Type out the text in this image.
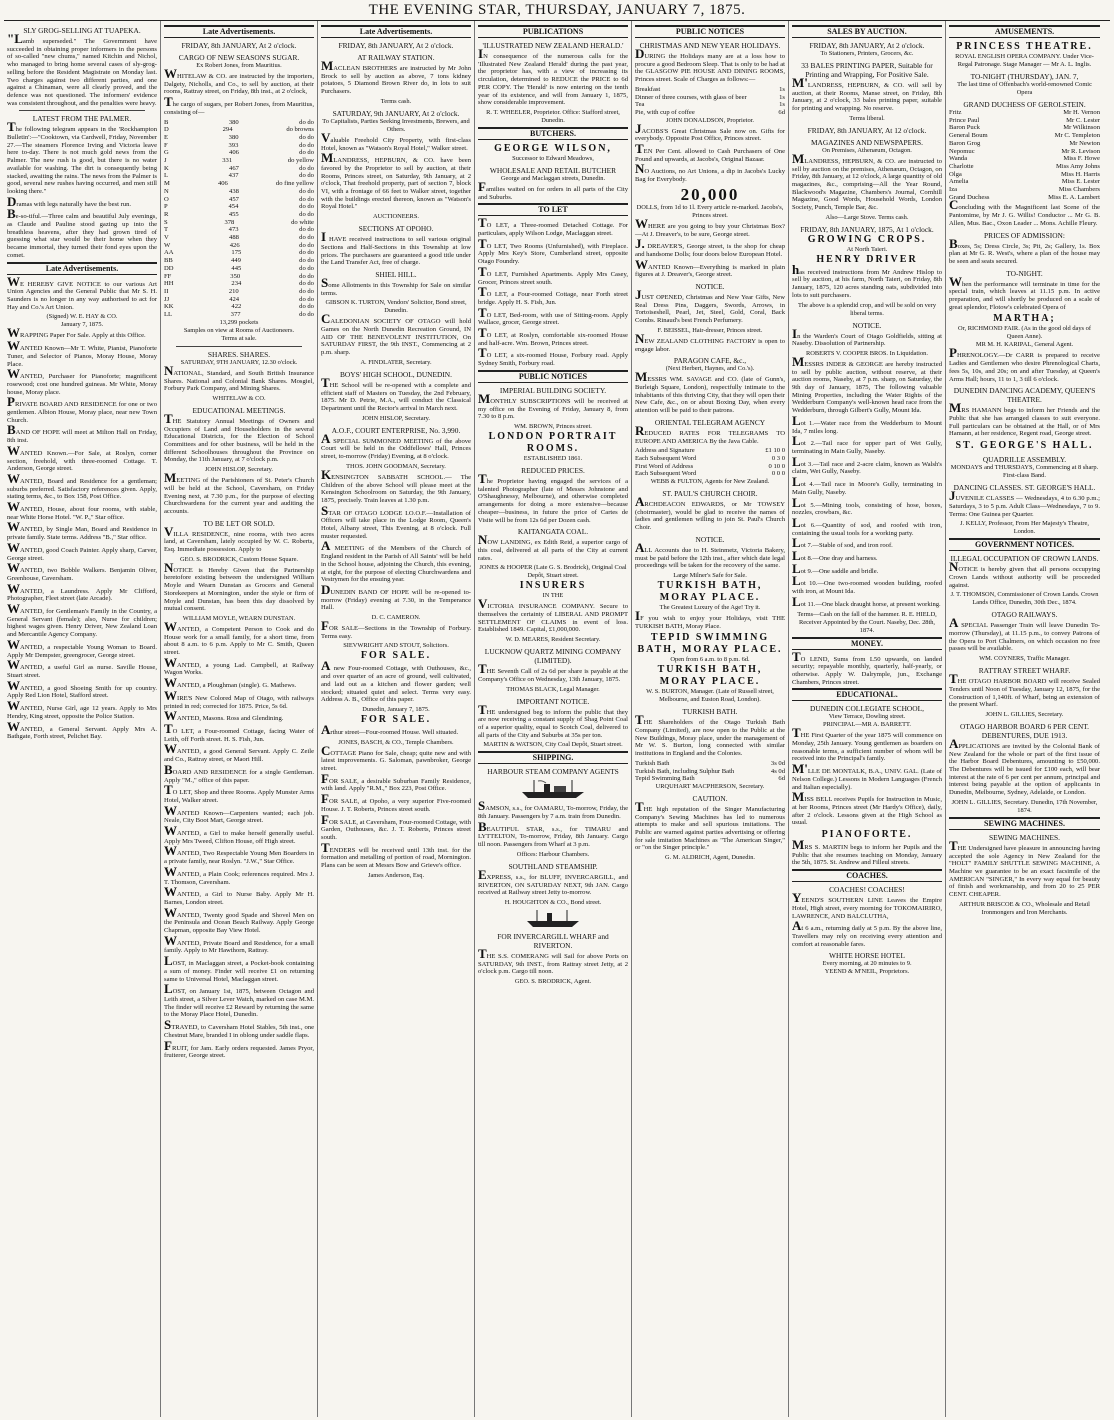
THE EVENING STAR, THURSDAY, JANUARY 7, 1875.
SLY GROG-SELLING AT TUAPEKA.
"Lamb superseded." The Government have succeeded in obtaining proper informers in the persons of so-called "new chums," named Kitchin and Nichol, who managed to bring home several cases of sly-grog-selling before the Resident Magistrate on Monday last. Two charges against two different parties, and one against a Chinaman, were all clearly proved, and the defence was not questioned. The informers' evidence was consistent throughout, and the penalties were heavy.
LATEST FROM THE PALMER.
The following telegram appears in the 'Rockhampton Bulletin':—"Cooktown, via Cardwell, Friday, November 27.—The steamers Florence Irving and Victoria leave here to-day. There is not much gold news from the Palmer. The new rush is good, but there is no water available for washing. The dirt is consequently being stacked, awaiting the rains. The news from the Palmer is good, several new rushes having occurred, and men still looking there."
Dramas with legs naturally have the best run.
Be-so-tiful.—Three calm and beautiful July evenings, as Claude and Pauline stood gazing up into the breathless heavens, after they had grown tired of guessing what star would be their home when they became immortal, they turned their fond eyes upon the comet.
Late Advertisements.
WE HEREBY GIVE NOTICE to our various Art Union Agencies and the General Public that Mr S. H. Saunders is no longer in any way authorised to act for Hay and Co.'s Art Union.
(Signed) W. E. HAY & CO.
January 7, 1875.
WRAPPING Paper For Sale. Apply at this Office.
WANTED Known—Mr T. White, Pianist, Pianoforte Tuner, and Selector of Pianos, Moray House, Moray Place.
WANTED, Purchaser for Pianoforte; magnificent rosewood; cost one hundred guineas. Mr White, Moray house, Moray place.
PRIVATE BOARD AND RESIDENCE for one or two gentlemen. Albion House, Moray place, near new Town Church.
BAND OF HOPE will meet at Milton Hall on Friday, 8th inst.
WANTED Known.—For Sale, at Roslyn, corner section, freehold, with three-roomed Cottage. T. Anderson, George street.
WANTED, Board and Residence for a gentleman; suburbs preferred. Satisfactory references given. Apply, stating terms, &c., to Box 158, Post Office.
WANTED, House, about four rooms, with stable, near White Horse Hotel. "W. P.," Star office.
WANTED, by Single Man, Board and Residence in private family. State terms. Address "B.," Star office.
WANTED, good Coach Painter. Apply sharp, Carver, George street.
WANTED, two Bobble Walkers. Benjamin Oliver, Greenhouse, Caversham.
WANTED, a Laundress. Apply Mr Clifford, Photographer, Fleet street (late Arcade).
WANTED, for Gentleman's Family in the Country, a General Servant (female); also, Nurse for children; highest wages given. Henry Driver, New Zealand Loan and Mercantile Agency Company.
WANTED, a respectable Young Woman to Board. Apply Mr Dempster, greengrocer, George street.
WANTED, a useful Girl as nurse. Saville House, Stuart street.
WANTED, a good Shoeing Smith for up country. Apply Red Lion Hotel, Stafford street.
WANTED, Nurse Girl, age 12 years. Apply to Mrs Hendry, King street, opposite the Police Station.
WANTED, a General Servant. Apply Mrs A. Bathgate, Forth street, Pelichet Bay.
Late Advertisements.
FRIDAY, 8th JANUARY, At 2 o'clock.
CARGO OF NEW SEASON'S SUGAR.
Ex Robert Jones, from Mauritius.
WHITELAW & CO. are instructed by the importers, Dalgety, Nicholls, and Co., to sell by auction, at their rooms, Rattray street, on Friday, 8th inst., at 2 o'clock,
The cargo of sugars, per Robert Jones, from Mauritius, consisting of—
B	380	do do
D	294	do browns
E	380	do do
F	393	do do
G	406	do do
J	331	do yellow
K	467	do do
L	437	do do
M	406	do fine yellow
N	438	do do
O	457	do do
P	454	do do
R	455	do do
S	378	do white
T	473	do do
V	488	do do
W	426	do do
AA	175	do do
BB	449	do do
DD	445	do do
FF	350	do do
HH	234	do do
II	210	do do
JJ	424	do do
KK	422	do do
LL	377	do do
13,299 pockets
Samples on view at Rooms of Auctioneers.
Terms at sale.
SHARES. SHARES.
SATURDAY, 9TH JANUARY, 12.30 o'clock.
NATIONAL, Standard, and South British Insurance Shares. National and Colonial Bank Shares. Mosgiel, Forbury Park Company, and Mining Shares.
WHITELAW & CO.
EDUCATIONAL MEETINGS.
THE Statutory Annual Meetings of Owners and Occupiers of Land and Householders in the several Educational Districts, for the Election of School Committees and for other business, will be held in the different Schoolhouses throughout the Province on Monday, the 11th January, at 7 o'clock p.m.
JOHN HISLOP, Secretary.
MEETING of the Parishioners of St. Peter's Church will be held at the School, Caversham, on Friday Evening next, at 7.30 p.m., for the purpose of electing Churchwardens for the current year and auditing the accounts.
TO BE LET OR SOLD.
VILLA RESIDENCE, nine rooms, with two acres land, at Caversham, lately occupied by W. C. Roberts, Esq. Immediate possession. Apply to
GEO. S. BRODRICK, Custom House Square.
NOTICE is Hereby Given that the Partnership heretofore existing between the undersigned William Moyle and Wearn Dunstan as Grocers and General Storekeepers at Mornington, under the style or firm of Moyle and Dunstan, has been this day dissolved by mutual consent.
WILLIAM MOYLE, WEARN DUNSTAN.
WANTED, a Competent Person to Cook and do House work for a small family, for a short time, from about 8 a.m. to 6 p.m. Apply to Mr C. Smith, Queen street.
WANTED, a young Lad. Campbell, at Railway Wagon Works.
WANTED, a Ploughman (single). G. Mathews.
WIRE'S New Colored Map of Otago, with railways printed in red; corrected for 1875. Price, 5s 6d.
WANTED, Masons. Ross and Glendining.
TO LET, a Four-roomed Cottage, facing Water of Leith, off Forth street. H. S. Fish, Jun.
WANTED, a good General Servant. Apply C. Zeile and Co., Rattray street, or Maori Hill.
BOARD AND RESIDENCE for a single Gentleman. Apply "M.," office of this paper.
TO LET, Shop and three Rooms. Apply Munster Arms Hotel, Walker street.
WANTED Known—Carpenters wanted; each job. Neale, City Boot Mart, George street.
WANTED, a Girl to make herself generally useful. Apply Mrs Tweed, Clifton House, off High street.
WANTED, Two Respectable Young Men Boarders in a private family, near Roslyn. "J.W.," Star Office.
WANTED, a Plain Cook; references required. Mrs J. T. Thomson, Caversham.
WANTED, a Girl to Nurse Baby. Apply Mr H. Barnes, London street.
WANTED, Twenty good Spade and Shovel Men on the Peninsula and Ocean Beach Railway. Apply George Chapman, opposite Bay View Hotel.
WANTED, Private Board and Residence, for a small family. Apply to Mr Hawthorn, Rattray.
LOST, in Maclaggan street, a Pocket-book containing a sum of money. Finder will receive £1 on returning same to Universal Hotel, Maclaggan street.
LOST, on January 1st, 1875, between Octagon and Leith street, a Silver Lever Watch, marked on case M.M. The finder will receive £2 Reward by returning the same to the Moray Place Hotel, Dunedin.
STRAYED, to Caversham Hotel Stables, 5th inst., one Chestnut Mare, branded I in oblong under saddle flaps.
FRUIT, for Jam. Early orders requested. James Pryor, fruiterer, George street.
Late Advertisements.
FRIDAY, 8th JANUARY, At 2 o'clock.
AT RAILWAY STATION.
MACLEAN BROTHERS are instructed by Mr John Brock to sell by auction as above, 7 tons kidney potatoes, 5 Diamond Brown River do, in lots to suit Purchasers.
Terms cash.
SATURDAY, 9th JANUARY, At 2 o'clock.
To Capitalists, Parties Seeking Investments, Brewers, and Others.
Valuable Freehold City Property, with first-class Hotel, known as "Watson's Royal Hotel," Walker street.
MLANDRESS, HEPBURN, & CO. have been favored by the Proprietor to sell by auction, at their Rooms, Princes street, on Saturday, 9th January, at 2 o'clock, That freehold property, part of section 7, block VI, with a frontage of 66 feet to Walker street, together with the buildings erected thereon, known as "Watson's Royal Hotel."
AUCTIONEERS.
SECTIONS AT OPOHO.
I HAVE received instructions to sell various original Sections and Half-Sections in this Township at low prices. The purchasers are guaranteed a good title under the Land Transfer Act, free of charge.
SHIEL HILL.
Some Allotments in this Township for Sale on similar terms.
GIBSON K. TURTON, Vendors' Solicitor, Bond street, Dunedin.
CALEDONIAN SOCIETY OF OTAGO will hold Games on the North Dunedin Recreation Ground, IN AID OF THE BENEVOLENT INSTITUTION, On SATURDAY FIRST, the 9th INST., Commencing at 2 p.m. sharp.
A. FINDLATER, Secretary.
BOYS' HIGH SCHOOL, DUNEDIN.
THE School will be re-opened with a complete and efficient staff of Masters on Tuesday, the 2nd February, 1875. Mr D. Petrie, M.A., will conduct the Classical Department until the Rector's arrival in March next.
JOHN HISLOP, Secretary.
A.O.F., COURT ENTERPRISE, No. 3,990.
A SPECIAL SUMMONED MEETING of the above Court will be held in the Oddfellows' Hall, Princes street, to-morrow (Friday) Evening, at 8 o'clock.
THOS. JOHN GOODMAN, Secretary.
KENSINGTON SABBATH SCHOOL.— The Children of the above School will please meet at the Kensington Schoolroom on Saturday, the 9th January, 1875, precisely. Train leaves at 1.30 p.m.
STAR OF OTAGO LODGE I.O.O.F.—Installation of Officers will take place in the Lodge Room, Queen's Hotel, Albany street, This Evening, at 8 o'clock. Full muster requested.
A MEETING of the Members of the Church of England resident in the Parish of All Saints' will be held in the School house, adjoining the Church, this evening, at eight, for the purpose of electing Churchwardens and Vestrymen for the ensuing year.
DUNEDIN BAND OF HOPE will be re-opened to-morrow (Friday) evening at 7.30, in the Temperance Hall.
D. C. CAMERON.
FOR SALE—Sections in the Township of Forbury. Terms easy.
SIEVWRIGHT AND STOUT, Solicitors.
FOR SALE.
A new Four-roomed Cottage, with Outhouses, &c., and over quarter of an acre of ground, well cultivated, and laid out as a kitchen and flower garden; well stocked; situated quiet and select. Terms very easy. Address A. B., Office of this paper.
Dunedin, January 7, 1875.
FOR SALE.
Arthur street—Four-roomed House. Well situated.
JONES, BASCH, & CO., Temple Chambers.
COTTAGE Piano for Sale, cheap; quite new and with latest improvements. G. Saloman, pawnbroker, George street.
FOR SALE, a desirable Suburban Family Residence, with land. Apply "R.M.," Box 223, Post Office.
FOR SALE, at Opoho, a very superior Five-roomed House. J. T. Roberts, Princes street south.
FOR SALE, at Caversham, Four-roomed Cottage, with Garden, Outhouses, &c. J. T. Roberts, Princes street south.
TENDERS will be received until 13th inst. for the formation and metalling of portion of road, Mornington. Plans can be seen at Messrs Bow and Grieve's office.
James Anderson, Esq.
PUBLICATIONS
'ILLUSTRATED NEW ZEALAND HERALD.'
IN consequence of the numerous calls for the 'Illustrated New Zealand Herald' during the past year, the proprietor has, with a view of increasing its circulation, determined to REDUCE the PRICE to 6d PER COPY. The 'Herald' is now entering on the tenth year of its existence, and will from January 1, 1875, show considerable improvement.
R. T. WHEELER, Proprietor. Office: Stafford street, Dunedin.
BUTCHERS.
GEORGE WILSON,
Successor to Edward Meadows,
WHOLESALE AND RETAIL BUTCHER
George and Maclaggan streets, Dunedin.
Families waited on for orders in all parts of the City and Suburbs.
TO LET
TO LET, a Three-roomed Detached Cottage. For particulars, apply Wilson Lodge, Maclaggan street.
TO LET, Two Rooms (Unfurnished), with Fireplace. Apply Mrs Key's Store, Cumberland street, opposite Otago Foundry.
TO LET, Furnished Apartments. Apply Mrs Casey, Grocer, Princes street south.
TO LET, a Four-roomed Cottage, near Forth street bridge. Apply H. S. Fish, Jun.
TO LET, Bed-room, with use of Sitting-room. Apply Wallace, grocer, George street.
TO LET, at Roslyn, comfortable six-roomed House and half-acre. Wm. Brown, Princes street.
TO LET, a six-roomed House, Forbury road. Apply Sydney Smith, Forbury road.
PUBLIC NOTICES
IMPERIAL BUILDING SOCIETY.
MONTHLY SUBSCRIPTIONS will be received at my office on the Evening of Friday, January 8, from 7.30 to 8 p.m.
WM. BROWN, Princes street.
LONDON PORTRAIT ROOMS.
ESTABLISHED 1861.
REDUCED PRICES.
The Proprietor having engaged the services of a talented Photographer (late of Messrs Johnstone and O'Shaughnessy, Melbourne), and otherwise completed arrangements for doing a more extensive—because cheaper—business, in future the price of Cartes de Visite will be from 12s 6d per Dozen cash.
KAITANGATA COAL.
NOW LANDING, ex Edith Reid, a superior cargo of this coal, delivered at all parts of the City at current rates.
JONES & HOOPER (Late G. S. Brodrick), Original Coal Depôt, Stuart street.
INSURERS
IN THE
VICTORIA INSURANCE COMPANY. Secure to themselves the certainty of LIBERAL AND PROMPT SETTLEMENT OF CLAIMS in event of loss. Established 1849. Capital, £1,000,000.
W. D. MEARES, Resident Secretary.
LUCKNOW QUARTZ MINING COMPANY (LIMITED).
THE Seventh Call of 2s 6d per share is payable at the Company's Office on Wednesday, 13th January, 1875.
THOMAS BLACK, Legal Manager.
IMPORTANT NOTICE.
THE undersigned beg to inform the public that they are now receiving a constant supply of Shag Point Coal of a superior quality, equal to Scotch Coal, delivered to all parts of the City and Suburbs at 35s per ton.
MARTIN & WATSON, City Coal Depôt, Stuart street.
SHIPPING.
HARBOUR STEAM COMPANY AGENTS
SAMSON, s.s., for OAMARU, To-morrow, Friday, the 8th January. Passengers by 7 a.m. train from Dunedin.
BEAUTIFUL STAR, s.s., for TIMARU and LYTTELTON, To-morrow, Friday, 8th January. Cargo till noon. Passengers from Wharf at 3 p.m.
Offices: Harbour Chambers.
SOUTHLAND STEAMSHIP.
EXPRESS, s.s., for BLUFF, INVERCARGILL, and RIVERTON, ON SATURDAY NEXT, 9th JAN. Cargo received at Railway street Jetty to-morrow.
H. HOUGHTON & CO., Bond street.
FOR INVERCARGILL WHARF and RIVERTON.
THE S.S. COMERANG will Sail for above Ports on SATURDAY, 9th INST., from Rattray street Jetty, at 2 o'clock p.m. Cargo till noon.
GEO. S. BRODRICK, Agent.
PUBLIC NOTICES
CHRISTMAS AND NEW YEAR HOLIDAYS.
DURING the Holidays many are at a loss how to procure a good Bedroom Sleep. That is only to be had at the GLASGOW PIE HOUSE AND DINING ROOMS, Princes street. Scale of Charges as follows:—
Breakfast	1s
Dinner of three courses, with glass of beer	1s
Tea	1s
Pie, with cup of coffee	6d
JOHN DONALDSON, Proprietor.
JACOBS'S Great Christmas Sale now on. Gifts for everybody. Opposite Post Office, Princes street.
TEN Per Cent. allowed to Cash Purchasers of One Pound and upwards, at Jacobs's, Original Bazaar.
NO Auctions, no Art Unions, a dip in Jacobs's Lucky Bag for Everybody.
20,000
DOLLS, from 1d to 1l. Every article re-marked. Jacobs's, Princes street.
WHERE are you going to buy your Christmas Box?—At J. Dreaver's, to be sure, George street.
J. DREAVER'S, George street, is the shop for cheap and handsome Dolls; four doors below European Hotel.
WANTED Known—Everything is marked in plain figures at J. Dreaver's, George street.
NOTICE.
JUST OPENED, Christmas and New Year Gifts, New Real Dress Pins, Daggers, Swords, Arrows, in Tortoiseshell, Pearl, Jet, Steel, Gold, Coral, Back Combs. Rinaud's best French Perfumery.
F. BEISSEL, Hair-dresser, Princes street.
NEW ZEALAND CLOTHING FACTORY is open to engage labor.
PARAGON CAFE, &c.,
(Next Herbert, Haynes, and Co.'s).
MESSRS WM. SAVAGE and CO. (late of Gunn's, Burleigh Square, London), respectfully intimate to the inhabitants of this thriving City, that they will open their New Cafe, &c., on or about Boxing Day, when every attention will be paid to their patrons.
ORIENTAL TELEGRAM AGENCY
REDUCED RATES FOR TELEGRAMS TO EUROPE AND AMERICA By the Java Cable.
Address and Signature	£1 10 0
Each Subsequent Word	0 3 0
First Word of Address	0 10 0
Each Subsequent Word	0 0 0
WEBB & FULTON, Agents for New Zealand.
ST. PAUL'S CHURCH CHOIR.
ARCHDEACON EDWARDS, or Mr TOWSEY (choirmaster), would be glad to receive the names of ladies and gentlemen willing to join St. Paul's Church Choir.
NOTICE.
ALL Accounts due to H. Steinmetz, Victoria Bakery, must be paid before the 12th inst., after which date legal proceedings will be taken for the recovery of the same.
Large Milner's Safe for Sale.
TURKISH BATH, MORAY PLACE.
The Greatest Luxury of the Age! Try it.
IF you wish to enjoy your Holidays, visit THE TURKISH BATH, Moray Place.
TEPID SWIMMING BATH, MORAY PLACE.
Open from 6 a.m. to 8 p.m. 6d.
TURKISH BATH, MORAY PLACE.
W. S. BURTON, Manager. (Late of Russell street, Melbourne, and Euston Road, London).
TURKISH BATH.
THE Shareholders of the Otago Turkish Bath Company (Limited), are now open to the Public at the New Buildings, Moray place, under the management of Mr W. S. Burton, long connected with similar institutions in England and the Colonies.
Turkish Bath	3s 0d
Turkish Bath, including Sulphur Bath	4s 0d
Tepid Swimming Bath	6d
URQUHART MACPHERSON, Secretary.
CAUTION.
THE high reputation of the Singer Manufacturing Company's Sewing Machines has led to numerous attempts to make and sell spurious imitations. The Public are warned against parties advertising or offering for sale imitation Machines as "The American Singer," or "on the Singer principle."
G. M. ALDRICH, Agent, Dunedin.
SALES BY AUCTION.
FRIDAY, 8th JANUARY, At 2 o'clock.
To Stationers, Printers, Grocers, &c.
33 BALES PRINTING PAPER, Suitable for Printing and Wrapping, For Positive Sale.
M'LANDRESS, HEPBURN, & CO. will sell by auction, at their Rooms, Manse street, on Friday, 8th January, at 2 o'clock, 33 bales printing paper, suitable for printing and wrapping. No reserve.
Terms liberal.
FRIDAY, 8th JANUARY, At 12 o'clock.
MAGAZINES AND NEWSPAPERS.
On Premises, Athenæum, Octagon.
MLANDRESS, HEPBURN, & CO. are instructed to sell by auction on the premises, Athenæum, Octagon, on Friday, 8th January, at 12 o'clock, A large quantity of old magazines, &c., comprising—All the Year Round, Blackwood's Magazine, Chambers's Journal, Cornhill Magazine, Good Words, Household Words, London Society, Punch, Temple Bar, &c.
Also—Large Stove. Terms cash.
FRIDAY, 8th JANUARY, 1875, At 1 o'clock.
GROWING CROPS.
At North Taieri.
HENRY DRIVER
has received instructions from Mr Andrew Hislop to sell by auction, at his farm, North Taieri, on Friday, 8th January, 1875, 120 acres standing oats, subdivided into lots to suit purchasers.
The above is a splendid crop, and will be sold on very liberal terms.
NOTICE.
In the Warden's Court of Otago Goldfields, sitting at Naseby. Dissolution of Partnership.
ROBERTS V. COOPER BROS. In Liquidation.
MESSRS INDER & GEORGE are hereby instructed to sell by public auction, without reserve, at their auction rooms, Naseby, at 7 p.m. sharp, on Saturday, the 9th day of January, 1875, The following valuable Mining Properties, including the Water Rights of the Wedderburn Company's well-known head race from the Wedderburn, through Gilbert's Gully, Mount Ida.
Lot 1.—Water race from the Wedderburn to Mount Ida, 7 miles long.
Lot 2.—Tail race for upper part of Wet Gully, terminating in Main Gully, Naseby.
Lot 3.—Tail race and 2-acre claim, known as Walsh's claim, Wet Gully, Naseby.
Lot 4.—Tail race in Moore's Gully, terminating in Main Gully, Naseby.
Lot 5.—Mining tools, consisting of hose, boxes, nozzles, crowbars, &c.
Lot 6.—Quantity of sod, and roofed with iron, containing the usual tools for a working party.
Lot 7.—Stable of sod, and iron roof.
Lot 8.—One dray and harness.
Lot 9.—One saddle and bridle.
Lot 10.—One two-roomed wooden building, roofed with iron, at Mount Ida.
Lot 11.—One black draught horse, at present working.
Terms—Cash on the fall of the hammer. R. E. HIELD, Receiver Appointed by the Court. Naseby, Dec. 28th, 1874.
MONEY.
TO LEND, Sums from L50 upwards, on landed security; repayable monthly, quarterly, half-yearly, or otherwise. Apply W. Dalrymple, jun., Exchange Chambers, Princes street.
EDUCATIONAL.
DUNEDIN COLLEGIATE SCHOOL,
View Terrace, Dowling street.
PRINCIPAL—MR A. BARRETT.
THE First Quarter of the year 1875 will commence on Monday, 25th January. Young gentlemen as boarders on reasonable terms, a sufficient number of whom will be received into the Principal's family.
M'LLE DE MONTALK, B.A., UNIV. GAL. (Late of Nelson College.) Lessons in Modern Languages (French and Italian especially).
MISS BELL receives Pupils for Instruction in Music, at her Rooms, Princes street (Mr Hardy's Office), daily, after 2 o'clock. Lessons given at the High School as usual.
PIANOFORTE.
MRS S. MARTIN begs to inform her Pupils and the Public that she resumes teaching on Monday, January the 5th, 1875. St. Andrew and Filleul streets.
COACHES.
COACHES! COACHES!
YEEND'S SOUTHERN LINE Leaves the Empire Hotel, High street, every morning for TOKOMAIRIRO, LAWRENCE, AND BALCLUTHA,
At 6 a.m., returning daily at 5 p.m. By the above line, Travellers may rely on receiving every attention and comfort at reasonable fares.
WHITE HORSE HOTEL
Every morning, at 20 minutes to 9.
YEEND & M'NEIL, Proprietors.
AMUSEMENTS.
PRINCESS THEATRE.
ROYAL ENGLISH OPERA COMPANY. Under Vice-Regal Patronage. Stage Manager — Mr A. L. Inglis.
TO-NIGHT (THURSDAY), JAN. 7,
The last time of Offenbach's world-renowned Comic Opera
GRAND DUCHESS OF GEROLSTEIN.
Fritz	Mr H. Vernon
Prince Paul	Mr C. Lester
Baron Puck	Mr Wilkinson
General Boum	Mr C. Templeton
Baron Grog	Mr Newton
Nepomuc	Mr R. Levison
Wanda	Miss F. Howe
Charlotte	Miss Amy Johns
Olga	Miss H. Harris
Amelia	Miss E. Lester
Iza	Miss Chambers
Grand Duchess	Miss E. A. Lambert
Concluding with the Magnificent last Scene of the Pantomime, by Mr J. G. Willis! Conductor ... Mr G. B. Allen, Mus. Bac., Oxon Leader ... Mons. Achille Fleury.
PRICES OF ADMISSION:
Boxes, 5s; Dress Circle, 3s; Pit, 2s; Gallery, 1s. Box plan at Mr G. R. West's, where a plan of the house may be seen and seats secured.
TO-NIGHT.
When the performance will terminate in time for the special train, which leaves at 11.15 p.m. In active preparation, and will shortly be produced on a scale of great splendor, Flotow's celebrated Opera of
MARTHA;
Or, RICHMOND FAIR. (As in the good old days of Queen Anne).
MR M. H. KARIPAL, General Agent.
PHRENOLOGY.—Dr CARR is prepared to receive Ladies and Gentlemen who desire Phrenological Charts, fees 5s, 10s, and 20s; on and after Tuesday, at Queen's Arms Hall; hours, 11 to 1, 3 till 6 o'clock.
DUNEDIN DANCING ACADEMY, QUEEN'S THEATRE.
MRS HAMANN begs to inform her Friends and the Public that she has arranged classes to suit everyone. Full particulars can be obtained at the Hall, or of Mrs Hamann, at her residence, Regent road, George street.
ST. GEORGE'S HALL.
QUADRILLE ASSEMBLY.
MONDAYS and THURSDAYS, Commencing at 8 sharp. First-class Band.
DANCING CLASSES. ST. GEORGE'S HALL.
JUVENILE CLASSES — Wednesdays, 4 to 6.30 p.m.; Saturdays, 3 to 5 p.m. Adult Class—Wednesdays, 7 to 9. Terms: One Guinea per Quarter.
J. KELLY, Professor, From Her Majesty's Theatre, London.
GOVERNMENT NOTICES.
ILLEGAL OCCUPATION OF CROWN LANDS.
NOTICE is hereby given that all persons occupying Crown Lands without authority will be proceeded against.
J. T. THOMSON, Commissioner of Crown Lands. Crown Lands Office, Dunedin, 30th Dec., 1874.
OTAGO RAILWAYS.
A SPECIAL Passenger Train will leave Dunedin To-morrow (Thursday), at 11.15 p.m., to convey Patrons of the Opera to Port Chalmers, on which occasion no free passes will be available.
WM. COYNERS, Traffic Manager.
RATTRAY STREET WHARF.
THE OTAGO HARBOR BOARD will receive Sealed Tenders until Noon of Tuesday, January 12, 1875, for the Construction of 1,140ft. of Wharf, being an extension of the present Wharf.
JOHN L. GILLIES, Secretary.
OTAGO HARBOR BOARD 6 PER CENT. DEBENTURES, DUE 1913.
APPLICATIONS are invited by the Colonial Bank of New Zealand for the whole or part of the first issue of the Harbor Board Debentures, amounting to £50,000. The Debentures will be issued for £100 each, will bear interest at the rate of 6 per cent per annum, principal and interest being payable at the option of applicants in Dunedin, Melbourne, Sydney, Adelaide, or London.
JOHN L. GILLIES, Secretary. Dunedin, 17th November, 1874.
SEWING MACHINES.
SEWING MACHINES.
THE Undersigned have pleasure in announcing having accepted the sole Agency in New Zealand for the "HOLT" FAMILY SHUTTLE SEWING MACHINE, A Machine we guarantee to be an exact facsimile of the AMERICAN "SINGER," In every way equal for beauty of finish and workmanship, and from 20 to 25 PER CENT. CHEAPER.
ARTHUR BRISCOE & CO., Wholesale and Retail Ironmongers and Iron Merchants.
